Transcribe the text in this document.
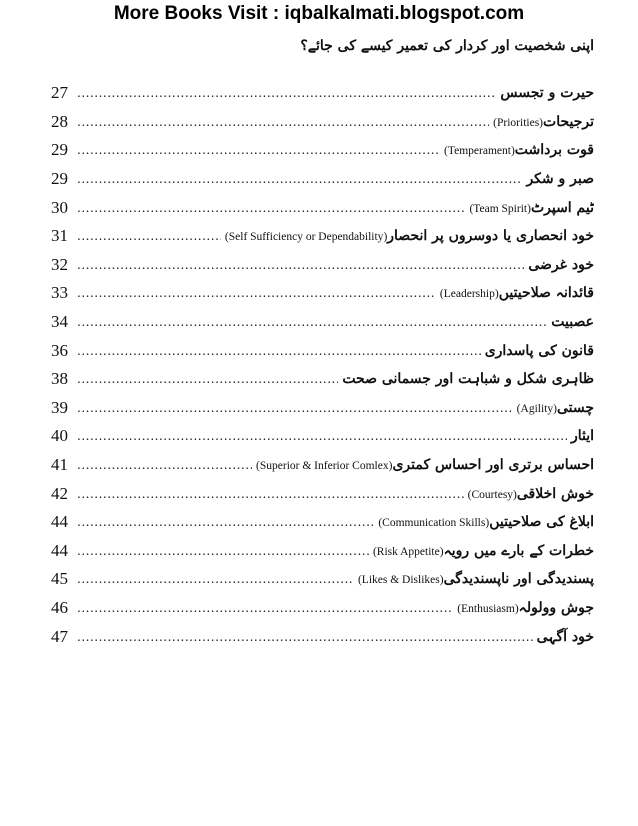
More Books Visit : iqbalkalmati.blogspot.com
اپنی شخصیت اور کردار کی تعمیر کیسے کی جائے؟
حیرت و تجسس
.....
27
ترجیحات(Priorities)
.....
28
قوت برداشت(Temperament)
.....
29
صبر و شکر
.....
29
ٹیم اسپرٹ(Team Spirit)
.....
30
خود انحصاری یا دوسروں پر انحصار(Self Sufficiency or Dependability)
.....
31
خود غرضی
.....
32
قائدانہ صلاحیتیں(Leadership)
.....
33
عصبیت
.....
34
قانون کی پاسداری
.....
36
ظاہری شکل و شباہت اور جسمانی صحت
.....
38
چستی(Agility)
.....
39
ایثار
.....
40
احساس برتری اور احساس کمتری(Superior & Inferior Comlex)
.....
41
خوش اخلاقی(Courtesy)
.....
42
ابلاغ کی صلاحیتیں(Communication Skills)
.....
44
خطرات کے بارے میں رویہ(Risk Appetite)
.....
44
پسندیدگی اور ناپسندیدگی(Likes & Dislikes)
.....
45
جوش وولولہ(Enthusiasm)
.....
46
خود آگہی
.....
47
